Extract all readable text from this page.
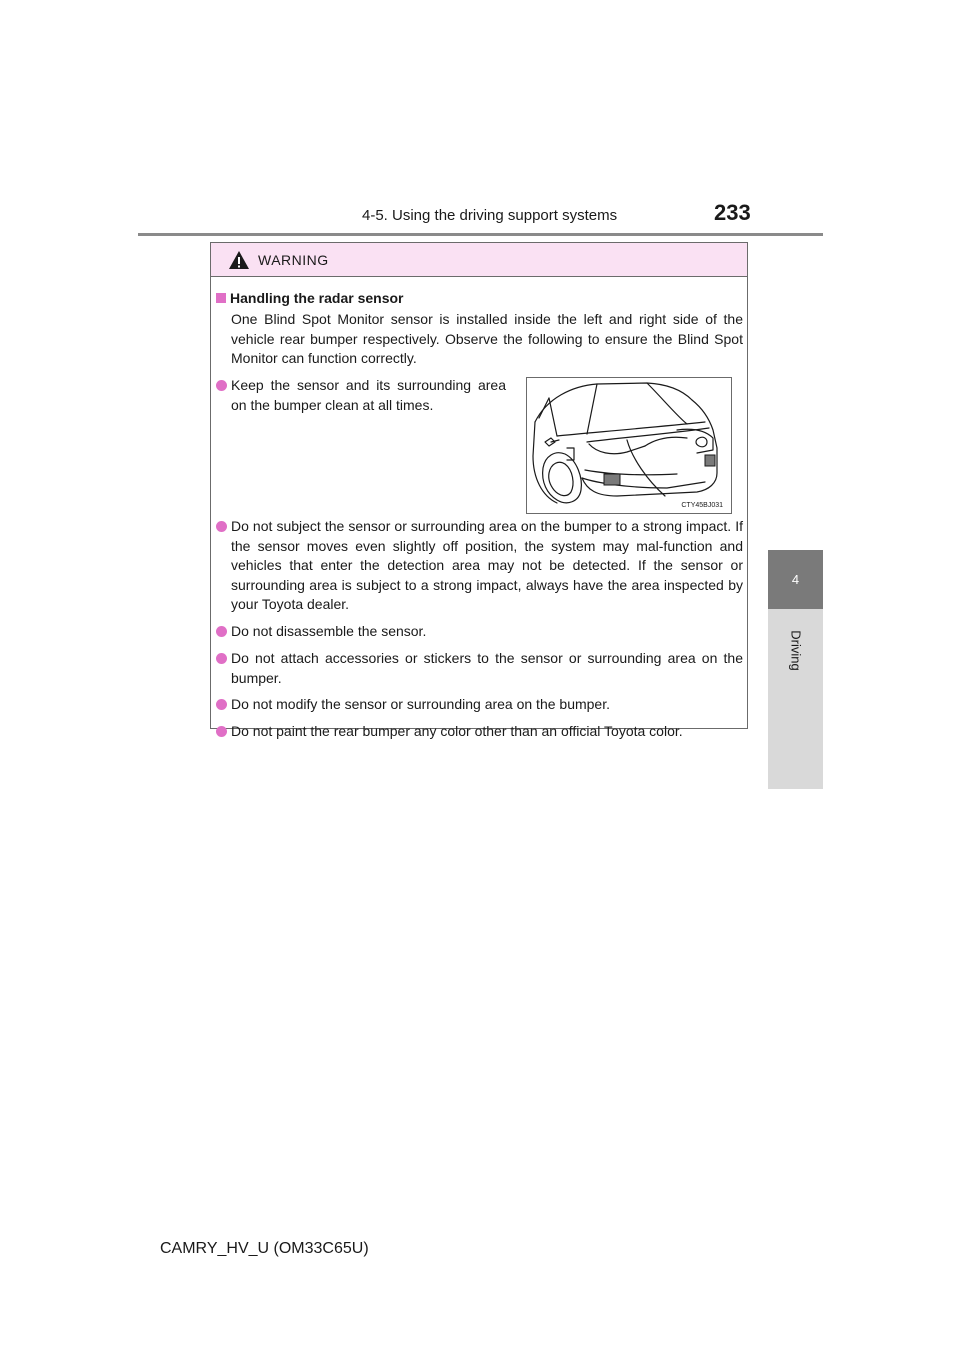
4-5. Using the driving support systems	233
4
Driving
WARNING
Handling the radar sensor
One Blind Spot Monitor sensor is installed inside the left and right side of the vehicle rear bumper respectively. Observe the following to ensure the Blind Spot Monitor can function correctly.
Keep the sensor and its surrounding area on the bumper clean at all times.
CTY45BJ031
Do not subject the sensor or surrounding area on the bumper to a strong impact. If the sensor moves even slightly off position, the system may mal-function and vehicles that enter the detection area may not be detected. If the sensor or surrounding area is subject to a strong impact, always have the area inspected by your Toyota dealer.
Do not disassemble the sensor.
Do not attach accessories or stickers to the sensor or surrounding area on the bumper.
Do not modify the sensor or surrounding area on the bumper.
Do not paint the rear bumper any color other than an official Toyota color.
CAMRY_HV_U (OM33C65U)
